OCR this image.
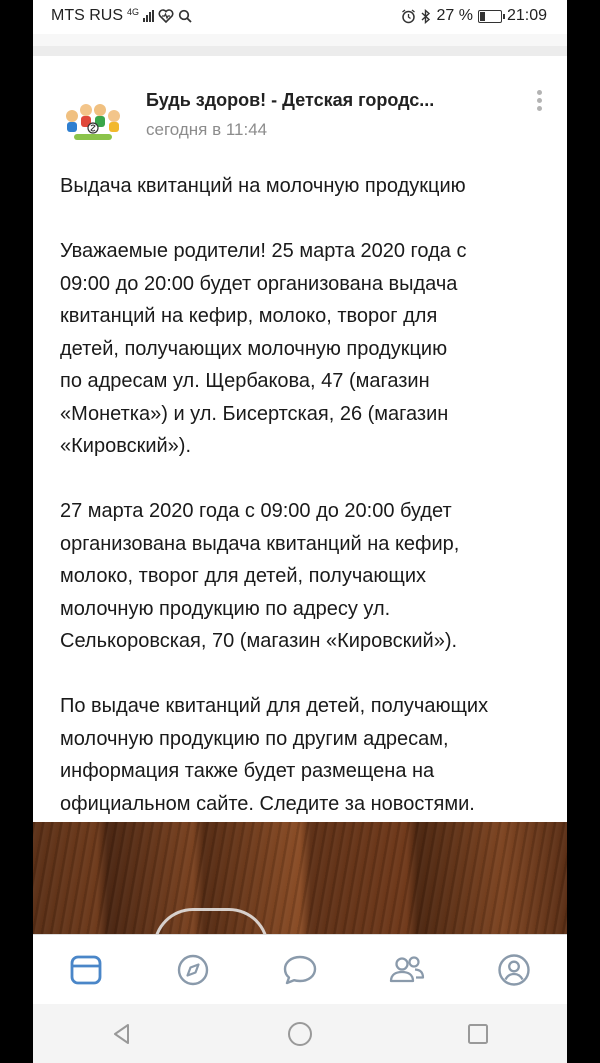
MTS RUS 4G	27 % 21:09
Будь здоров! - Детская городс...
сегодня в 11:44

Выдача квитанций на молочную продукцию

Уважаемые родители! 25 марта 2020 года с
09:00 до 20:00 будет организована выдача
квитанций на кефир, молоко, творог для
детей, получающих молочную продукцию
по адресам ул. Щербакова, 47 (магазин
«Монетка») и ул. Бисертская, 26 (магазин
«Кировский»).

27 марта 2020 года с 09:00 до 20:00 будет
организована выдача квитанций на кефир,
молоко, творог для детей, получающих
молочную продукцию по адресу ул.
Селькоровская, 70 (магазин «Кировский»).

По выдаче квитанций для детей, получающих
молочную продукцию по другим адресам,
информация также будет размещена на
официальном сайте. Следите за новостями.
